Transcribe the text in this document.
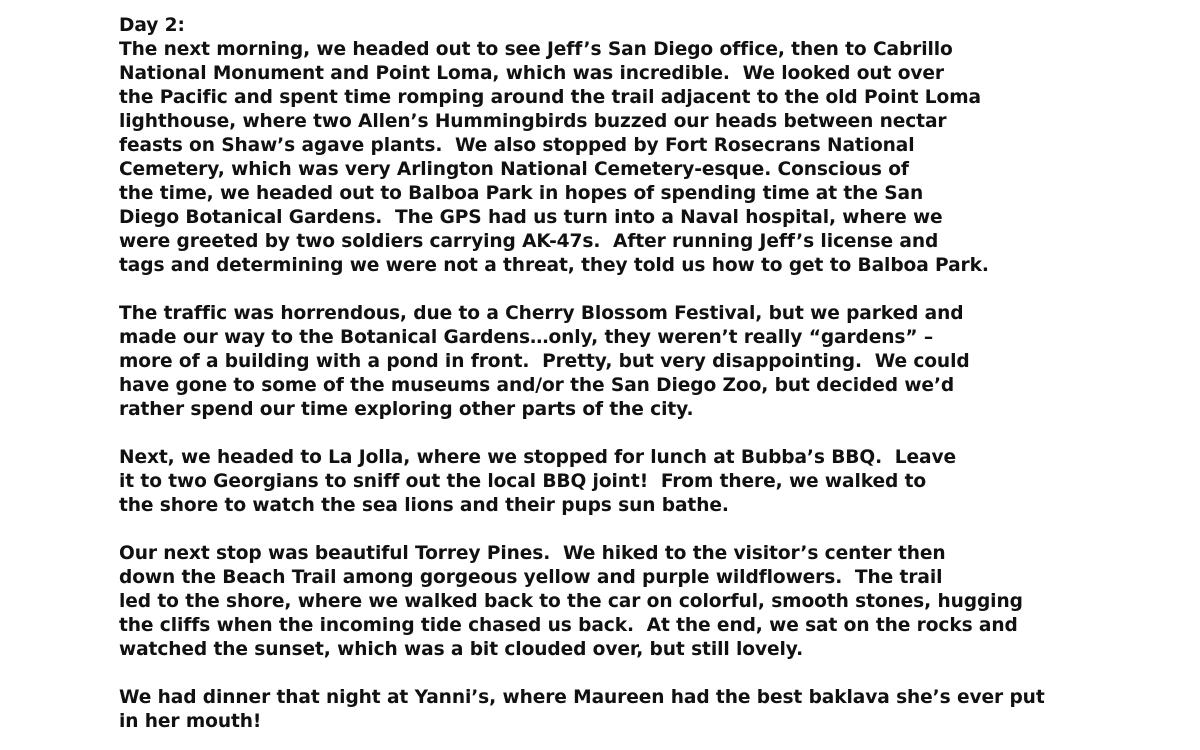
Day 2:
The next morning, we headed out to see Jeff’s San Diego office, then to Cabrillo
National Monument and Point Loma, which was incredible.  We looked out over
the Pacific and spent time romping around the trail adjacent to the old Point Loma
lighthouse, where two Allen’s Hummingbirds buzzed our heads between nectar
feasts on Shaw’s agave plants.  We also stopped by Fort Rosecrans National
Cemetery, which was very Arlington National Cemetery-esque. Conscious of
the time, we headed out to Balboa Park in hopes of spending time at the San
Diego Botanical Gardens.  The GPS had us turn into a Naval hospital, where we
were greeted by two soldiers carrying AK-47s.  After running Jeff’s license and
tags and determining we were not a threat, they told us how to get to Balboa Park.
The traffic was horrendous, due to a Cherry Blossom Festival, but we parked and
made our way to the Botanical Gardens…only, they weren’t really “gardens” –
more of a building with a pond in front.  Pretty, but very disappointing.  We could
have gone to some of the museums and/or the San Diego Zoo, but decided we’d
rather spend our time exploring other parts of the city.
Next, we headed to La Jolla, where we stopped for lunch at Bubba’s BBQ.  Leave
it to two Georgians to sniff out the local BBQ joint!  From there, we walked to
the shore to watch the sea lions and their pups sun bathe.
Our next stop was beautiful Torrey Pines.  We hiked to the visitor’s center then
down the Beach Trail among gorgeous yellow and purple wildflowers.  The trail
led to the shore, where we walked back to the car on colorful, smooth stones, hugging
the cliffs when the incoming tide chased us back.  At the end, we sat on the rocks and
watched the sunset, which was a bit clouded over, but still lovely.
We had dinner that night at Yanni’s, where Maureen had the best baklava she’s ever put
in her mouth!
